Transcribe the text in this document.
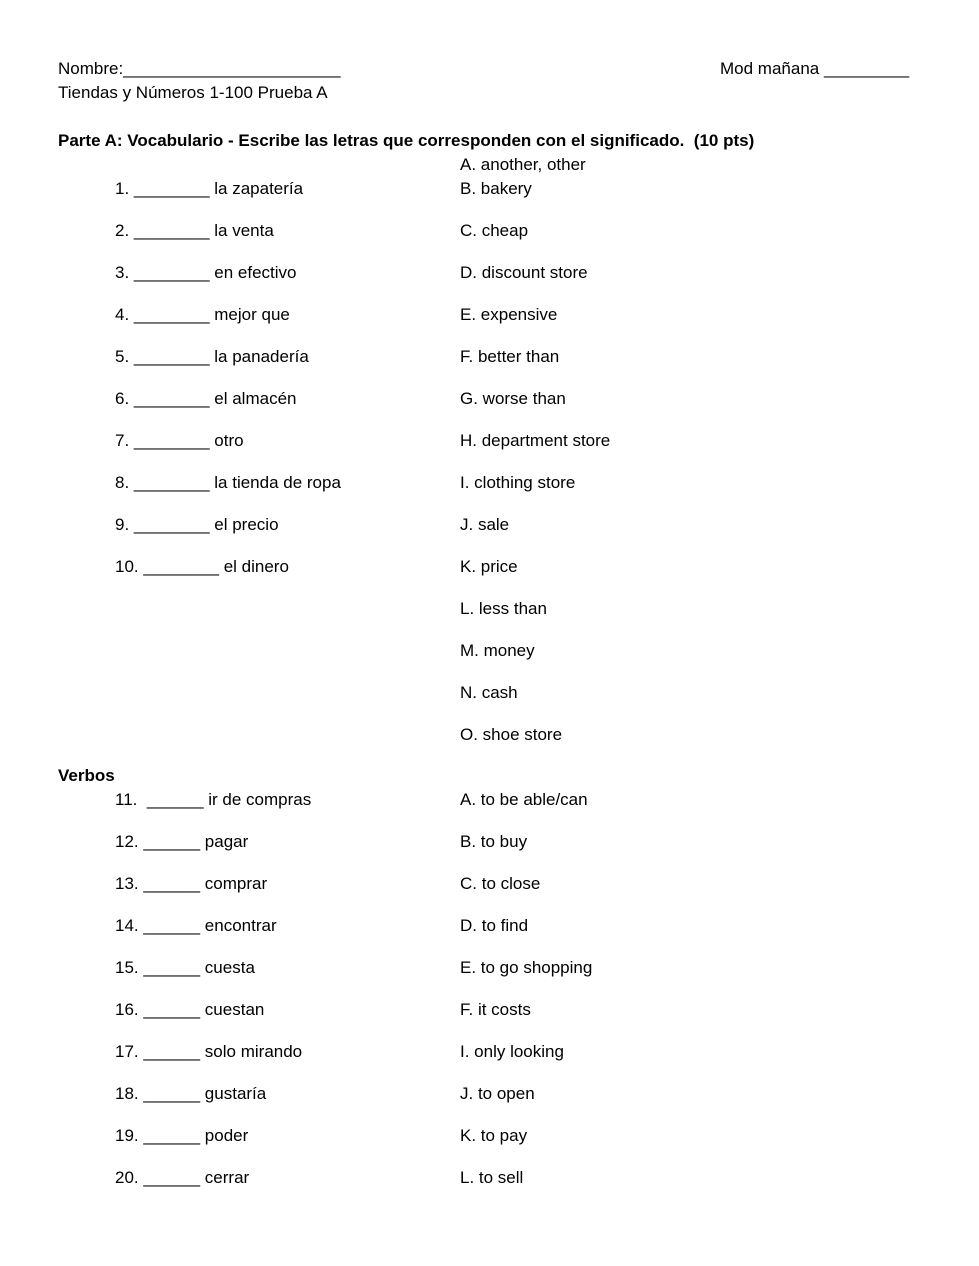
Nombre:_______________________	Mod mañana _________
Tiendas y Números 1-100 Prueba A
Parte A: Vocabulario - Escribe las letras que corresponden con el significado.  (10 pts)
1. ________ la zapatería
2. ________ la venta
3. ________ en efectivo
4. ________ mejor que
5. ________ la panadería
6. ________ el almacén
7. ________ otro
8. ________ la tienda de ropa
9. ________ el precio
10. ________ el dinero
A. another, other
B. bakery
C. cheap
D. discount store
E. expensive
F. better than
G. worse than
H. department store
I. clothing store
J. sale
K. price
L. less than
M. money
N. cash
O. shoe store
Verbos
11.  ______ ir de compras
12. ______ pagar
13. ______ comprar
14. ______ encontrar
15. ______ cuesta
16. ______ cuestan
17. ______ solo mirando
18. ______ gustaría
19. ______ poder
20. ______ cerrar
A. to be able/can
B. to buy
C. to close
D. to find
E. to go shopping
F. it costs
I. only looking
J. to open
K. to pay
L. to sell
